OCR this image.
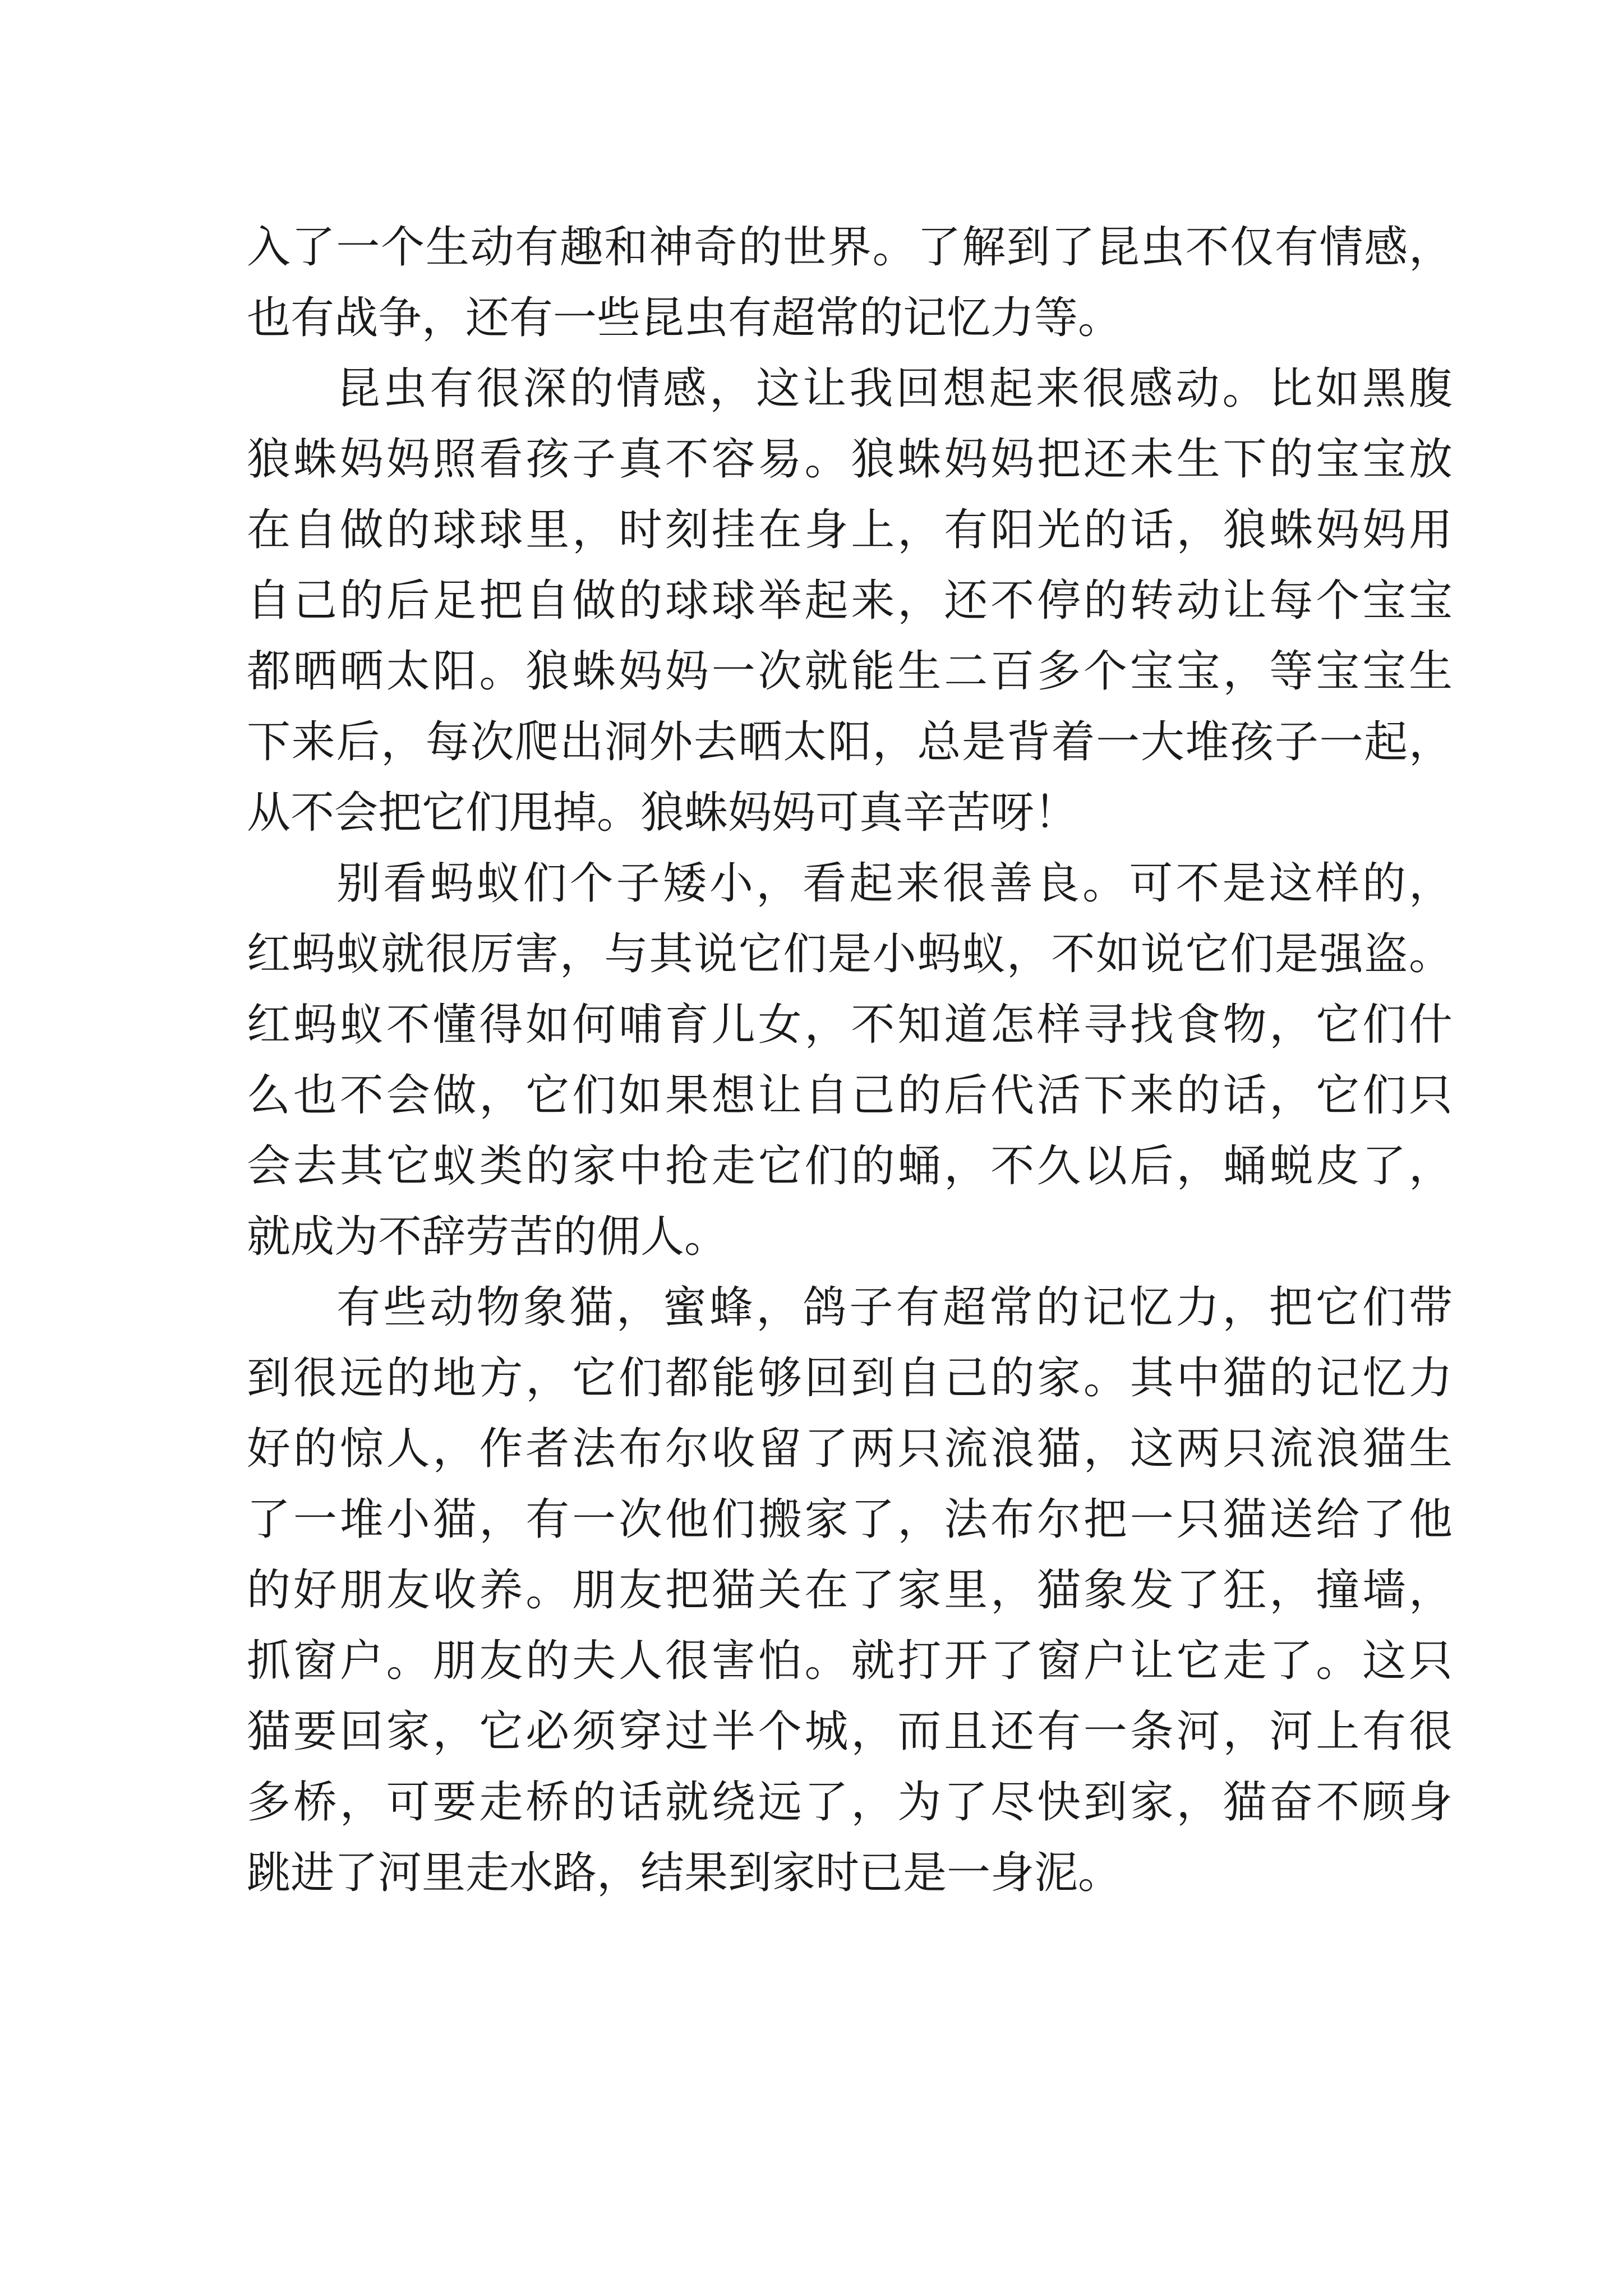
入了一个生动有趣和神奇的世界。了解到了昆虫不仅有情感，
也有战争，还有一些昆虫有超常的记忆力等。
昆虫有很深的情感，这让我回想起来很感动。比如黑腹
狼蛛妈妈照看孩子真不容易。狼蛛妈妈把还未生下的宝宝放
在自做的球球里，时刻挂在身上，有阳光的话，狼蛛妈妈用
自己的后足把自做的球球举起来，还不停的转动让每个宝宝
都晒晒太阳。狼蛛妈妈一次就能生二百多个宝宝，等宝宝生
下来后，每次爬出洞外去晒太阳，总是背着一大堆孩子一起，
从不会把它们甩掉。狼蛛妈妈可真辛苦呀！
别看蚂蚁们个子矮小，看起来很善良。可不是这样的，
红蚂蚁就很厉害，与其说它们是小蚂蚁，不如说它们是强盗。
红蚂蚁不懂得如何哺育儿女，不知道怎样寻找食物，它们什
么也不会做，它们如果想让自己的后代活下来的话，它们只
会去其它蚁类的家中抢走它们的蛹，不久以后，蛹蜕皮了，
就成为不辞劳苦的佣人。
有些动物象猫，蜜蜂，鸽子有超常的记忆力，把它们带
到很远的地方，它们都能够回到自己的家。其中猫的记忆力
好的惊人，作者法布尔收留了两只流浪猫，这两只流浪猫生
了一堆小猫，有一次他们搬家了，法布尔把一只猫送给了他
的好朋友收养。朋友把猫关在了家里，猫象发了狂，撞墙，
抓窗户。朋友的夫人很害怕。就打开了窗户让它走了。这只
猫要回家，它必须穿过半个城，而且还有一条河，河上有很
多桥，可要走桥的话就绕远了，为了尽快到家，猫奋不顾身
跳进了河里走水路，结果到家时已是一身泥。
